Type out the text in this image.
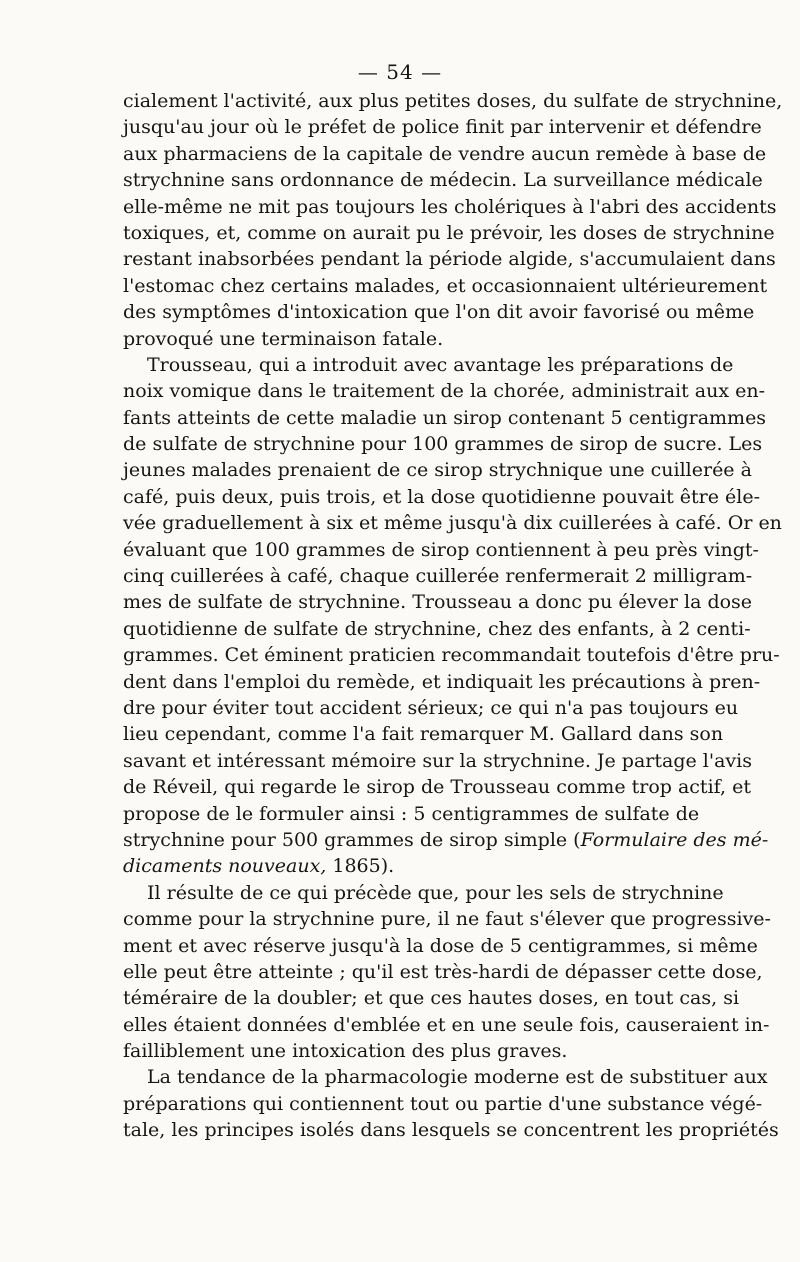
— 54 —
cialement l'activité, aux plus petites doses, du sulfate de strychnine,
jusqu'au jour où le préfet de police finit par intervenir et défendre
aux pharmaciens de la capitale de vendre aucun remède à base de
strychnine sans ordonnance de médecin. La surveillance médicale
elle-même ne mit pas toujours les cholériques à l'abri des accidents
toxiques, et, comme on aurait pu le prévoir, les doses de strychnine
restant inabsorbées pendant la période algide, s'accumulaient dans
l'estomac chez certains malades, et occasionnaient ultérieurement
des symptômes d'intoxication que l'on dit avoir favorisé ou même
provoqué une terminaison fatale.
Trousseau, qui a introduit avec avantage les préparations de
noix vomique dans le traitement de la chorée, administrait aux en-
fants atteints de cette maladie un sirop contenant 5 centigrammes
de sulfate de strychnine pour 100 grammes de sirop de sucre. Les
jeunes malades prenaient de ce sirop strychnique une cuillerée à
café, puis deux, puis trois, et la dose quotidienne pouvait être éle-
vée graduellement à six et même jusqu'à dix cuillerées à café. Or en
évaluant que 100 grammes de sirop contiennent à peu près vingt-
cinq cuillerées à café, chaque cuillerée renfermerait 2 milligram-
mes de sulfate de strychnine. Trousseau a donc pu élever la dose
quotidienne de sulfate de strychnine, chez des enfants, à 2 centi-
grammes. Cet éminent praticien recommandait toutefois d'être pru-
dent dans l'emploi du remède, et indiquait les précautions à pren-
dre pour éviter tout accident sérieux; ce qui n'a pas toujours eu
lieu cependant, comme l'a fait remarquer M. Gallard dans son
savant et intéressant mémoire sur la strychnine. Je partage l'avis
de Réveil, qui regarde le sirop de Trousseau comme trop actif, et
propose de le formuler ainsi : 5 centigrammes de sulfate de
strychnine pour 500 grammes de sirop simple (Formulaire des mé-
dicaments nouveaux, 1865).
Il résulte de ce qui précède que, pour les sels de strychnine
comme pour la strychnine pure, il ne faut s'élever que progressive-
ment et avec réserve jusqu'à la dose de 5 centigrammes, si même
elle peut être atteinte ; qu'il est très-hardi de dépasser cette dose,
téméraire de la doubler; et que ces hautes doses, en tout cas, si
elles étaient données d'emblée et en une seule fois, causeraient in-
failliblement une intoxication des plus graves.
La tendance de la pharmacologie moderne est de substituer aux
préparations qui contiennent tout ou partie d'une substance végé-
tale, les principes isolés dans lesquels se concentrent les propriétés
